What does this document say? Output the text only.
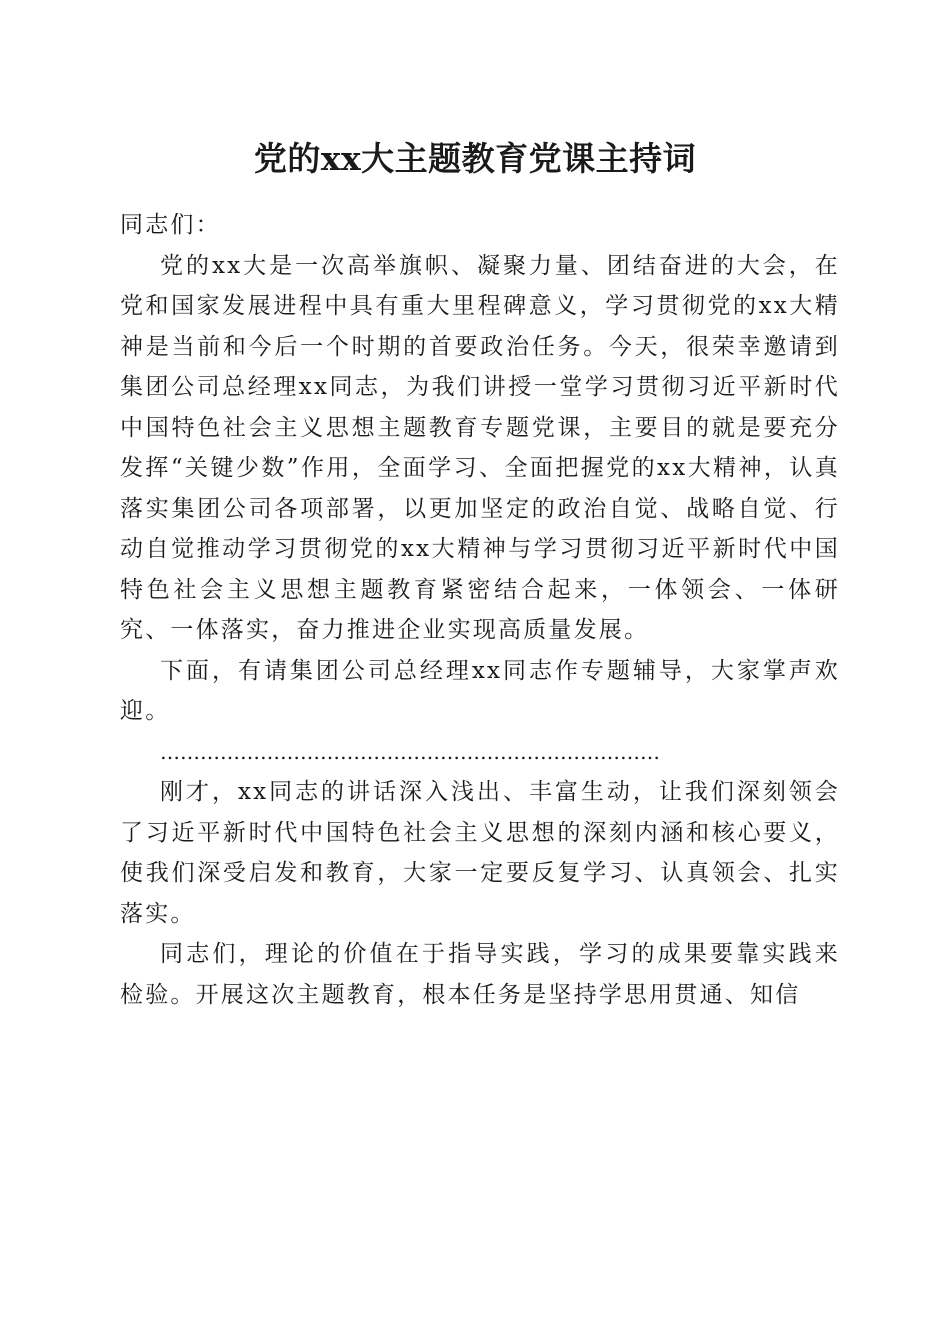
党的xx大主题教育党课主持词

同志们：

党的xx大是一次高举旗帜、凝聚力量、团结奋进的大会，在党和国家发展进程中具有重大里程碑意义，学习贯彻党的xx大精神是当前和今后一个时期的首要政治任务。今天，很荣幸邀请到集团公司总经理xx同志，为我们讲授一堂学习贯彻习近平新时代中国特色社会主义思想主题教育专题党课，主要目的就是要充分发挥“关键少数”作用，全面学习、全面把握党的xx大精神，认真落实集团公司各项部署，以更加坚定的政治自觉、战略自觉、行动自觉推动学习贯彻党的xx大精神与学习贯彻习近平新时代中国特色社会主义思想主题教育紧密结合起来，一体领会、一体研究、一体落实，奋力推进企业实现高质量发展。

下面，有请集团公司总经理xx同志作专题辅导，大家掌声欢迎。

…………………………………………………………………

刚才，xx同志的讲话深入浅出、丰富生动，让我们深刻领会了习近平新时代中国特色社会主义思想的深刻内涵和核心要义，使我们深受启发和教育，大家一定要反复学习、认真领会、扎实落实。

同志们，理论的价值在于指导实践，学习的成果要靠实践来检验。开展这次主题教育，根本任务是坚持学思用贯通、知信
